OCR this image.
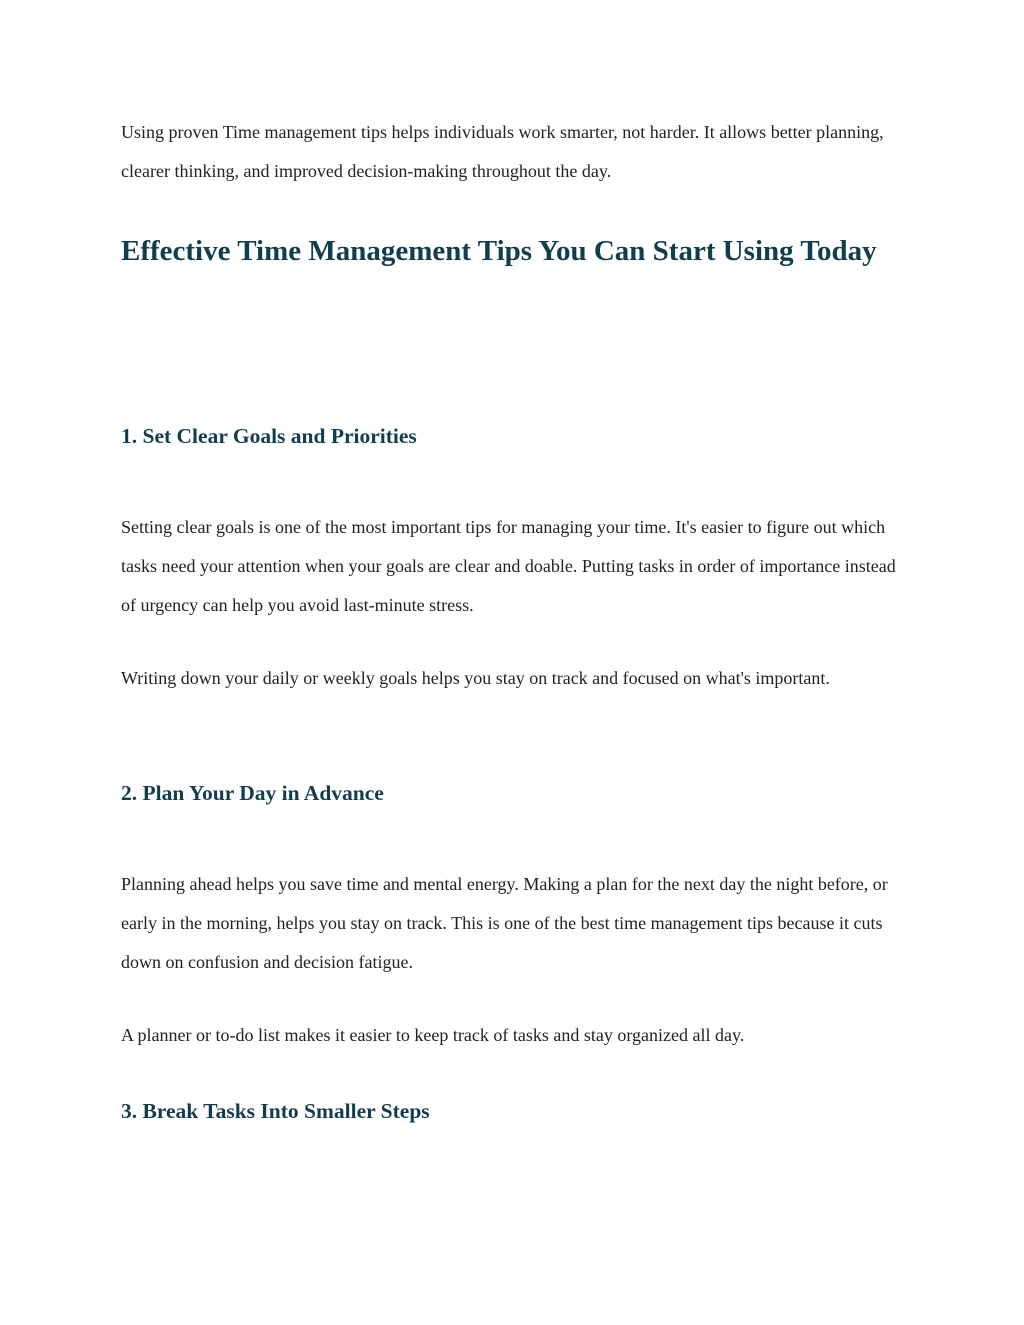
Using proven Time management tips helps individuals work smarter, not harder. It allows better planning, clearer thinking, and improved decision-making throughout the day.

Effective Time Management Tips You Can Start Using Today
1. Set Clear Goals and Priorities

Setting clear goals is one of the most important tips for managing your time. It's easier to figure out which tasks need your attention when your goals are clear and doable. Putting tasks in order of importance instead of urgency can help you avoid last-minute stress.

Writing down your daily or weekly goals helps you stay on track and focused on what's important.

2. Plan Your Day in Advance

Planning ahead helps you save time and mental energy. Making a plan for the next day the night before, or early in the morning, helps you stay on track. This is one of the best time management tips because it cuts down on confusion and decision fatigue.

A planner or to-do list makes it easier to keep track of tasks and stay organized all day.

3. Break Tasks Into Smaller Steps
